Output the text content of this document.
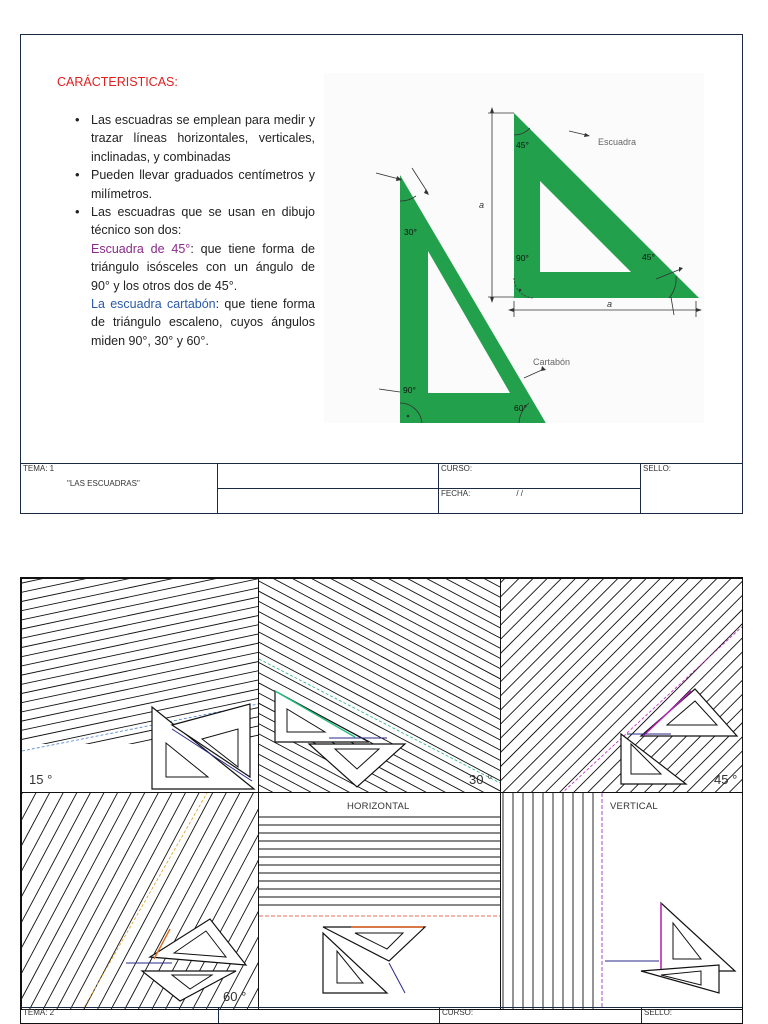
CARÁCTERISTICAS:
• Las escuadras se emplean para medir y trazar líneas horizontales, verticales, inclinadas, y combinadas
• Pueden llevar graduados centímetros y milímetros.
• Las escuadras que se usan en dibujo técnico son dos:
Escuadra de 45°: que tiene forma de triángulo isósceles con un ángulo de 90° y los otros dos de 45°.
La escuadra cartabón: que tiene forma de triángulo escaleno, cuyos ángulos miden 90°, 30° y 60°.
45°
90°	45°
30°
90°
60°
Escuadra
Cartabón
a
a
TEMA: 1
"LAS ESCUADRAS"		CURSO:	SELLO:
		FECHA: / /	
15 °	30 °	45 °
60 °
HORIZONTAL	VERTICAL
TEMA: 2		CURSO:	SELLO:
